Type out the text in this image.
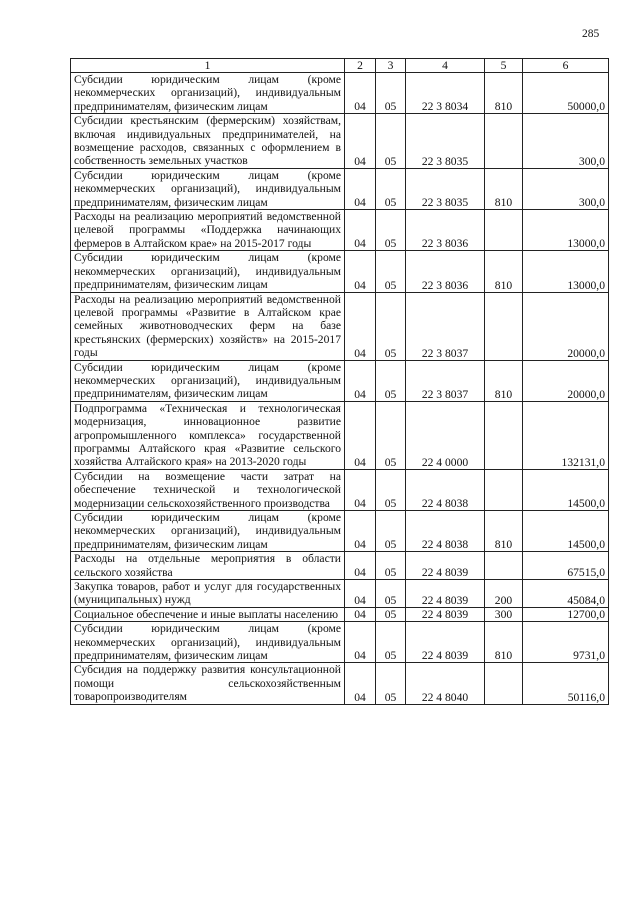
285
1	2	3	4	5	6
Субсидии юридическим лицам (кроме некоммерческих организаций), индивидуальным предпринимателям, физическим лицам	04	05	22 3 8034	810	50000,0
Субсидии крестьянским (фермерским) хозяйствам, включая индивидуальных предпринимателей, на возмещение расходов, связанных с оформлением в собственность земельных участков	04	05	22 3 8035		300,0
Субсидии юридическим лицам (кроме некоммерческих организаций), индивидуальным предпринимателям, физическим лицам	04	05	22 3 8035	810	300,0
Расходы на реализацию мероприятий ведомственной целевой программы «Поддержка начинающих фермеров в Алтайском крае» на 2015-2017 годы	04	05	22 3 8036		13000,0
Субсидии юридическим лицам (кроме некоммерческих организаций), индивидуальным предпринимателям, физическим лицам	04	05	22 3 8036	810	13000,0
Расходы на реализацию мероприятий ведомственной целевой программы «Развитие в Алтайском крае семейных животноводческих ферм на базе крестьянских (фермерских) хозяйств» на 2015-2017 годы	04	05	22 3 8037		20000,0
Субсидии юридическим лицам (кроме некоммерческих организаций), индивидуальным предпринимателям, физическим лицам	04	05	22 3 8037	810	20000,0
Подпрограмма «Техническая и технологическая модернизация, инновационное развитие агропромышленного комплекса» государственной программы Алтайского края «Развитие сельского хозяйства Алтайского края» на 2013-2020 годы	04	05	22 4 0000		132131,0
Субсидии на возмещение части затрат на обеспечение технической и технологической модернизации сельскохозяйственного производства	04	05	22 4 8038		14500,0
Субсидии юридическим лицам (кроме некоммерческих организаций), индивидуальным предпринимателям, физическим лицам	04	05	22 4 8038	810	14500,0
Расходы на отдельные мероприятия в области сельского хозяйства	04	05	22 4 8039		67515,0
Закупка товаров, работ и услуг для государственных (муниципальных) нужд	04	05	22 4 8039	200	45084,0
Социальное обеспечение и иные выплаты населению	04	05	22 4 8039	300	12700,0
Субсидии юридическим лицам (кроме некоммерческих организаций), индивидуальным предпринимателям, физическим лицам	04	05	22 4 8039	810	9731,0
Субсидия на поддержку развития консультационной помощи сельскохозяйственным товаропроизводителям	04	05	22 4 8040		50116,0
